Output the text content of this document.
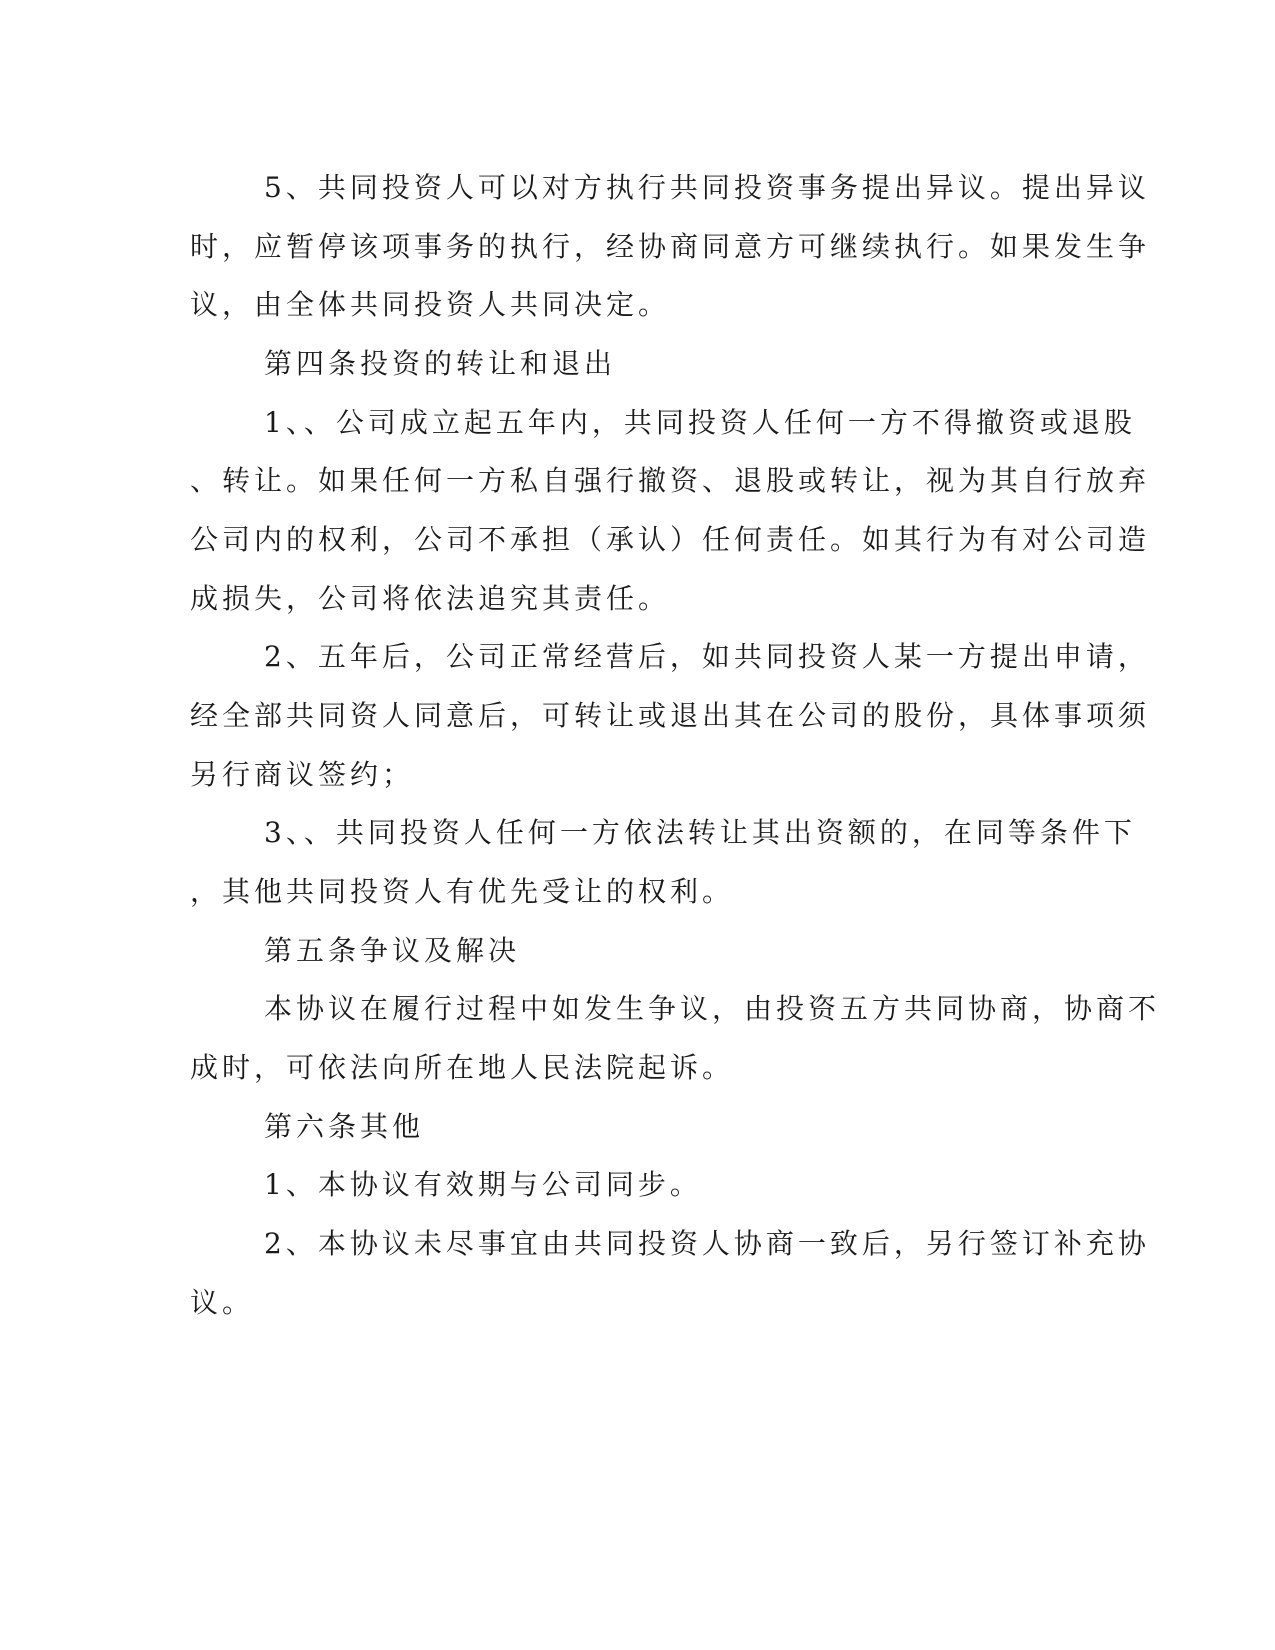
5、共同投资人可以对方执行共同投资事务提出异议。提出异议
时，应暂停该项事务的执行，经协商同意方可继续执行。如果发生争
议，由全体共同投资人共同决定。
第四条投资的转让和退出
1、、公司成立起五年内，共同投资人任何一方不得撤资或退股
、转让。如果任何一方私自强行撤资、退股或转让，视为其自行放弃
公司内的权利，公司不承担（承认）任何责任。如其行为有对公司造
成损失，公司将依法追究其责任。
2、五年后，公司正常经营后，如共同投资人某一方提出申请，
经全部共同资人同意后，可转让或退出其在公司的股份，具体事项须
另行商议签约；
3、、共同投资人任何一方依法转让其出资额的，在同等条件下
，其他共同投资人有优先受让的权利。
第五条争议及解决
本协议在履行过程中如发生争议，由投资五方共同协商，协商不
成时，可依法向所在地人民法院起诉。
第六条其他
1、本协议有效期与公司同步。
2、本协议未尽事宜由共同投资人协商一致后，另行签订补充协
议。
